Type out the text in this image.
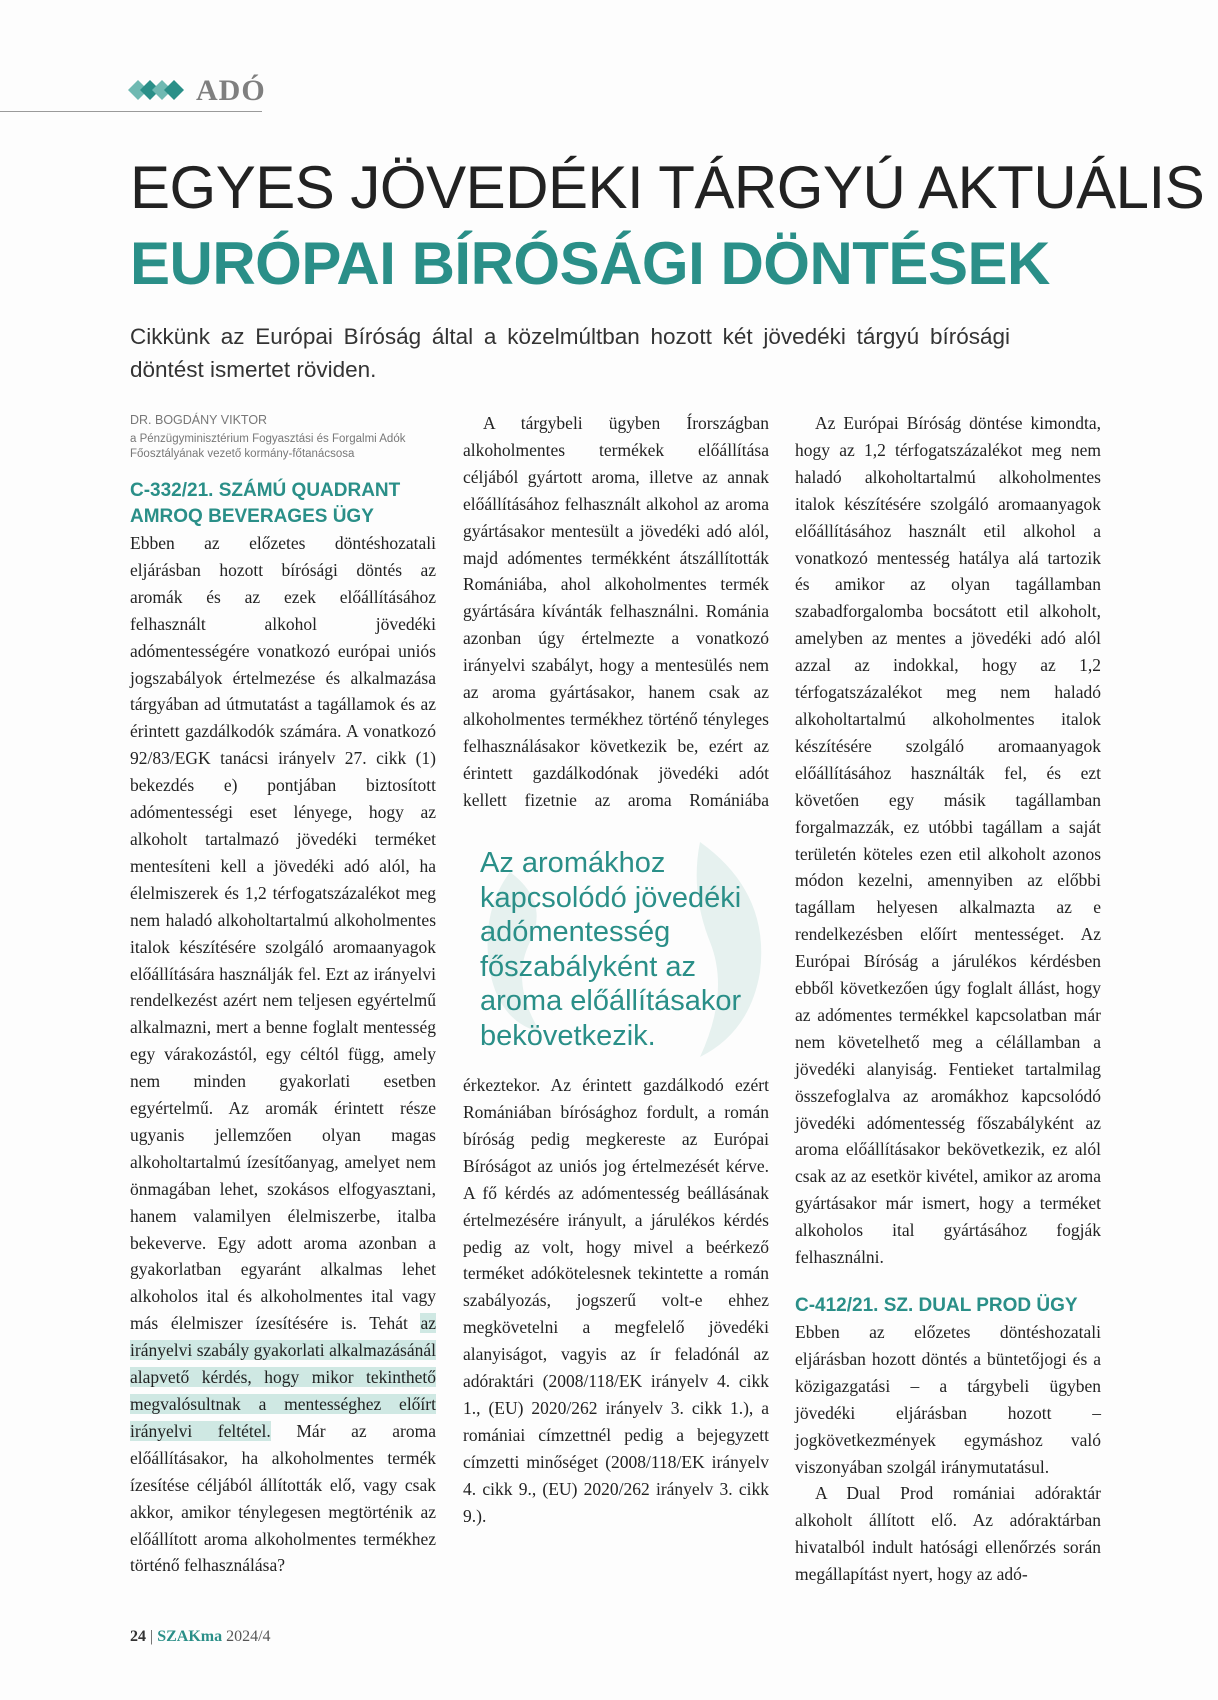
ADÓ
EGYES JÖVEDÉKI TÁRGYÚ AKTUÁLIS
EURÓPAI BÍRÓSÁGI DÖNTÉSEK
Cikkünk az Európai Bíróság által a közelmúltban hozott két jövedéki tárgyú bírósági döntést ismertet röviden.
DR. BOGDÁNY VIKTOR
a Pénzügyminisztérium Fogyasztási és Forgalmi Adók Főosztályának vezető kormány-főtanácsosa
C-332/21. SZÁMÚ QUADRANT AMROQ BEVERAGES ÜGY

Ebben az előzetes döntéshozatali eljárásban hozott bírósági döntés az aromák és az ezek előállításához felhasznált alkohol jövedéki adómentességére vonatkozó európai uniós jogszabályok értelmezése és alkalmazása tárgyában ad útmutatást a tagállamok és az érintett gazdálkodók számára. A vonatkozó 92/83/EGK tanácsi irányelv 27. cikk (1) bekezdés e) pontjában biztosított adómentességi eset lényege, hogy az alkoholt tartalmazó jövedéki terméket mentesíteni kell a jövedéki adó alól, ha élelmiszerek és 1,2 térfogatszázalékot meg nem haladó alkoholtartalmú alkoholmentes italok készítésére szolgáló aromaanyagok előállítására használják fel. Ezt az irányelvi rendelkezést azért nem teljesen egyértelmű alkalmazni, mert a benne foglalt mentesség egy várakozástól, egy céltól függ, amely nem minden gyakorlati esetben egyértelmű. Az aromák érintett része ugyanis jellemzően olyan magas alkoholtartalmú ízesítőanyag, amelyet nem önmagában lehet, szokásos elfogyasztani, hanem valamilyen élelmiszerbe, italba bekeverve. Egy adott aroma azonban a gyakorlatban egyaránt alkalmas lehet alkoholos ital és alkoholmentes ital vagy más élelmiszer ízesítésére is. Tehát az irányelvi szabály gyakorlati alkalmazásánál alapvető kérdés, hogy mikor tekinthető megvalósultnak a mentességhez előírt irányelvi feltétel. Már az aroma előállításakor, ha alkoholmentes termék ízesítése céljából állították elő, vagy csak akkor, amikor ténylegesen megtörténik az előállított aroma alkoholmentes termékhez történő felhasználása?

A tárgybeli ügyben Írországban alkoholmentes termékek előállítása céljából gyártott aroma, illetve az annak előállításához felhasznált alkohol az aroma gyártásakor mentesült a jövedéki adó alól, majd adómentes termékként átszállították Romániába, ahol alkoholmentes termék gyártására kívánták felhasználni. Románia azonban úgy értelmezte a vonatkozó irányelvi szabályt, hogy a mentesülés nem az aroma gyártásakor, hanem csak az alkoholmentes termékhez történő tényleges felhasználásakor következik be, ezért az érintett gazdálkodónak jövedéki adót kellett fizetnie az aroma Romániába

érkeztekor. Az érintett gazdálkodó ezért Romániában bírósághoz fordult, a román bíróság pedig megkereste az Európai Bíróságot az uniós jog értelmezését kérve. A fő kérdés az adómentesség beállásának értelmezésére irányult, a járulékos kérdés pedig az volt, hogy mivel a beérkező terméket adókötelesnek tekintette a román szabályozás, jogszerű volt-e ehhez megkövetelni a megfelelő jövedéki alanyiságot, vagyis az ír feladónál az adóraktári (2008/118/EK irányelv 4. cikk 1., (EU) 2020/262 irányelv 3. cikk 1.), a romániai címzettnél pedig a bejegyzett címzetti minőséget (2008/118/EK irányelv 4. cikk 9., (EU) 2020/262 irányelv 3. cikk 9.).

Az aromákhoz kapcsolódó jövedéki adómentesség főszabályként az aroma előállításakor bekövetkezik.

Az Európai Bíróság döntése kimondta, hogy az 1,2 térfogatszázalékot meg nem haladó alkoholtartalmú alkoholmentes italok készítésére szolgáló aromaanyagok előállításához használt etil alkohol a vonatkozó mentesség hatálya alá tartozik és amikor az olyan tagállamban szabadforgalomba bocsátott etil alkoholt, amelyben az mentes a jövedéki adó alól azzal az indokkal, hogy az 1,2 térfogatszázalékot meg nem haladó alkoholtartalmú alkoholmentes italok készítésére szolgáló aromaanyagok előállításához használták fel, és ezt követően egy másik tagállamban forgalmazzák, ez utóbbi tagállam a saját területén köteles ezen etil alkoholt azonos módon kezelni, amennyiben az előbbi tagállam helyesen alkalmazta az e rendelkezésben előírt mentességet. Az Európai Bíróság a járulékos kérdésben ebből következően úgy foglalt állást, hogy az adómentes termékkel kapcsolatban már nem követelhető meg a célállamban a jövedéki alanyiság. Fentieket tartalmilag összefoglalva az aromákhoz kapcsolódó jövedéki adómentesség főszabályként az aroma előállításakor bekövetkezik, ez alól csak az az esetkör kivétel, amikor az aroma gyártásakor már ismert, hogy a terméket alkoholos ital gyártásához fogják felhasználni.

C-412/21. SZ. DUAL PROD ÜGY

Ebben az előzetes döntéshozatali eljárásban hozott döntés a büntetőjogi és a közigazgatási – a tárgybeli ügyben jövedéki eljárásban hozott – jogkövetkezmények egymáshoz való viszonyában szolgál iránymutatásul.

A Dual Prod romániai adóraktár alkoholt állított elő. Az adóraktárban hivatalból indult hatósági ellenőrzés során megállapítást nyert, hogy az adó-

24 | SZAKma 2024/4
